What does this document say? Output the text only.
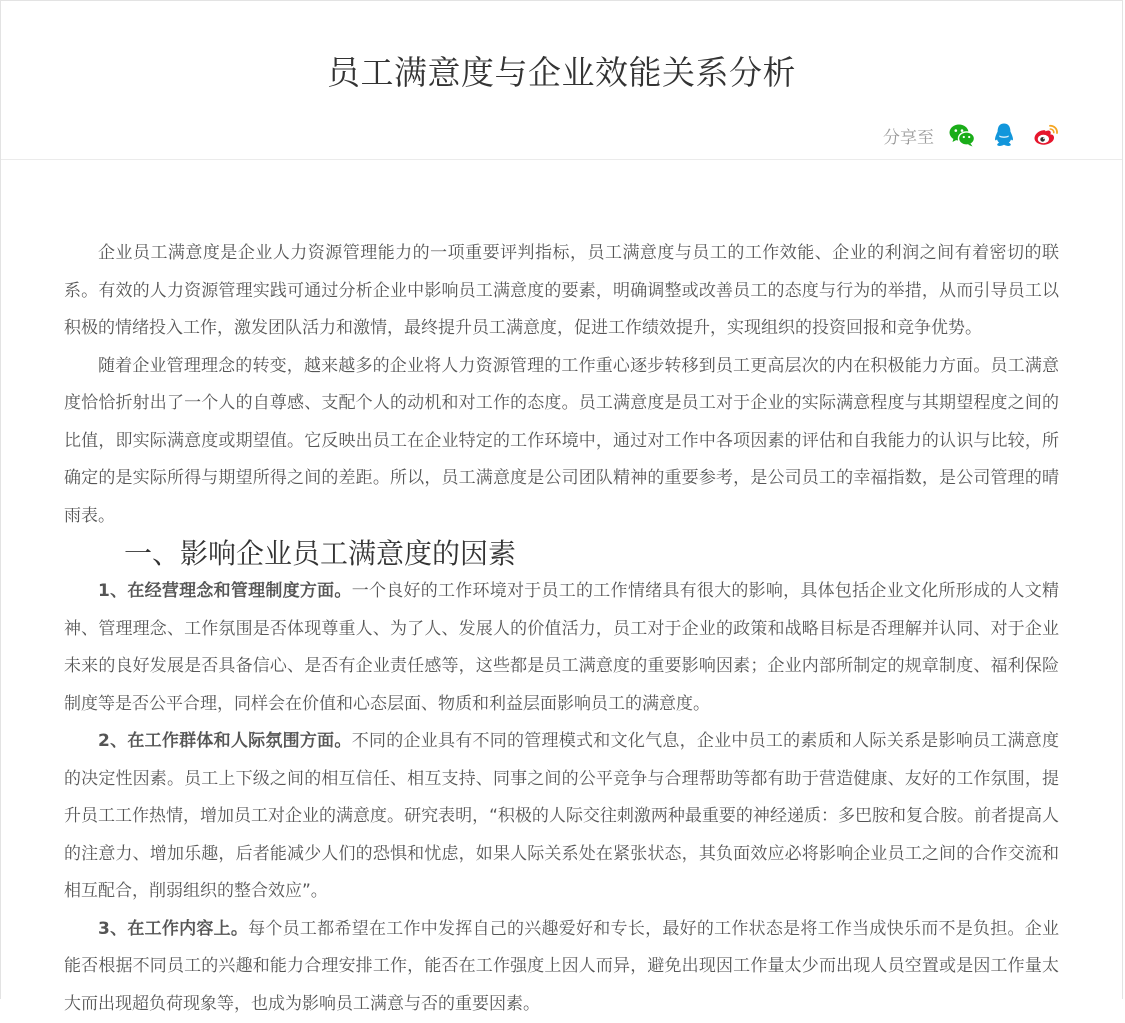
员工满意度与企业效能关系分析
分享至

企业员工满意度是企业人力资源管理能力的一项重要评判指标，员工满意度与员工的工作效能、企业的利润之间有着密切的联系。有效的人力资源管理实践可通过分析企业中影响员工满意度的要素，明确调整或改善员工的态度与行为的举措，从而引导员工以积极的情绪投入工作，激发团队活力和激情，最终提升员工满意度，促进工作绩效提升，实现组织的投资回报和竞争优势。

随着企业管理理念的转变，越来越多的企业将人力资源管理的工作重心逐步转移到员工更高层次的内在积极能力方面。员工满意度恰恰折射出了一个人的自尊感、支配个人的动机和对工作的态度。员工满意度是员工对于企业的实际满意程度与其期望程度之间的比值，即实际满意度或期望值。它反映出员工在企业特定的工作环境中，通过对工作中各项因素的评估和自我能力的认识与比较，所确定的是实际所得与期望所得之间的差距。所以，员工满意度是公司团队精神的重要参考，是公司员工的幸福指数，是公司管理的晴雨表。

一、影响企业员工满意度的因素

1、在经营理念和管理制度方面。一个良好的工作环境对于员工的工作情绪具有很大的影响，具体包括企业文化所形成的人文精神、管理理念、工作氛围是否体现尊重人、为了人、发展人的价值活力，员工对于企业的政策和战略目标是否理解并认同、对于企业未来的良好发展是否具备信心、是否有企业责任感等，这些都是员工满意度的重要影响因素；企业内部所制定的规章制度、福利保险制度等是否公平合理，同样会在价值和心态层面、物质和利益层面影响员工的满意度。

2、在工作群体和人际氛围方面。不同的企业具有不同的管理模式和文化气息，企业中员工的素质和人际关系是影响员工满意度的决定性因素。员工上下级之间的相互信任、相互支持、同事之间的公平竞争与合理帮助等都有助于营造健康、友好的工作氛围，提升员工工作热情，增加员工对企业的满意度。研究表明，“积极的人际交往刺激两种最重要的神经递质：多巴胺和复合胺。前者提高人的注意力、增加乐趣，后者能减少人们的恐惧和忧虑，如果人际关系处在紧张状态，其负面效应必将影响企业员工之间的合作交流和相互配合，削弱组织的整合效应”。

3、在工作内容上。每个员工都希望在工作中发挥自己的兴趣爱好和专长，最好的工作状态是将工作当成快乐而不是负担。企业能否根据不同员工的兴趣和能力合理安排工作，能否在工作强度上因人而异，避免出现因工作量太少而出现人员空置或是因工作量太大而出现超负荷现象等，也成为影响员工满意与否的重要因素。
